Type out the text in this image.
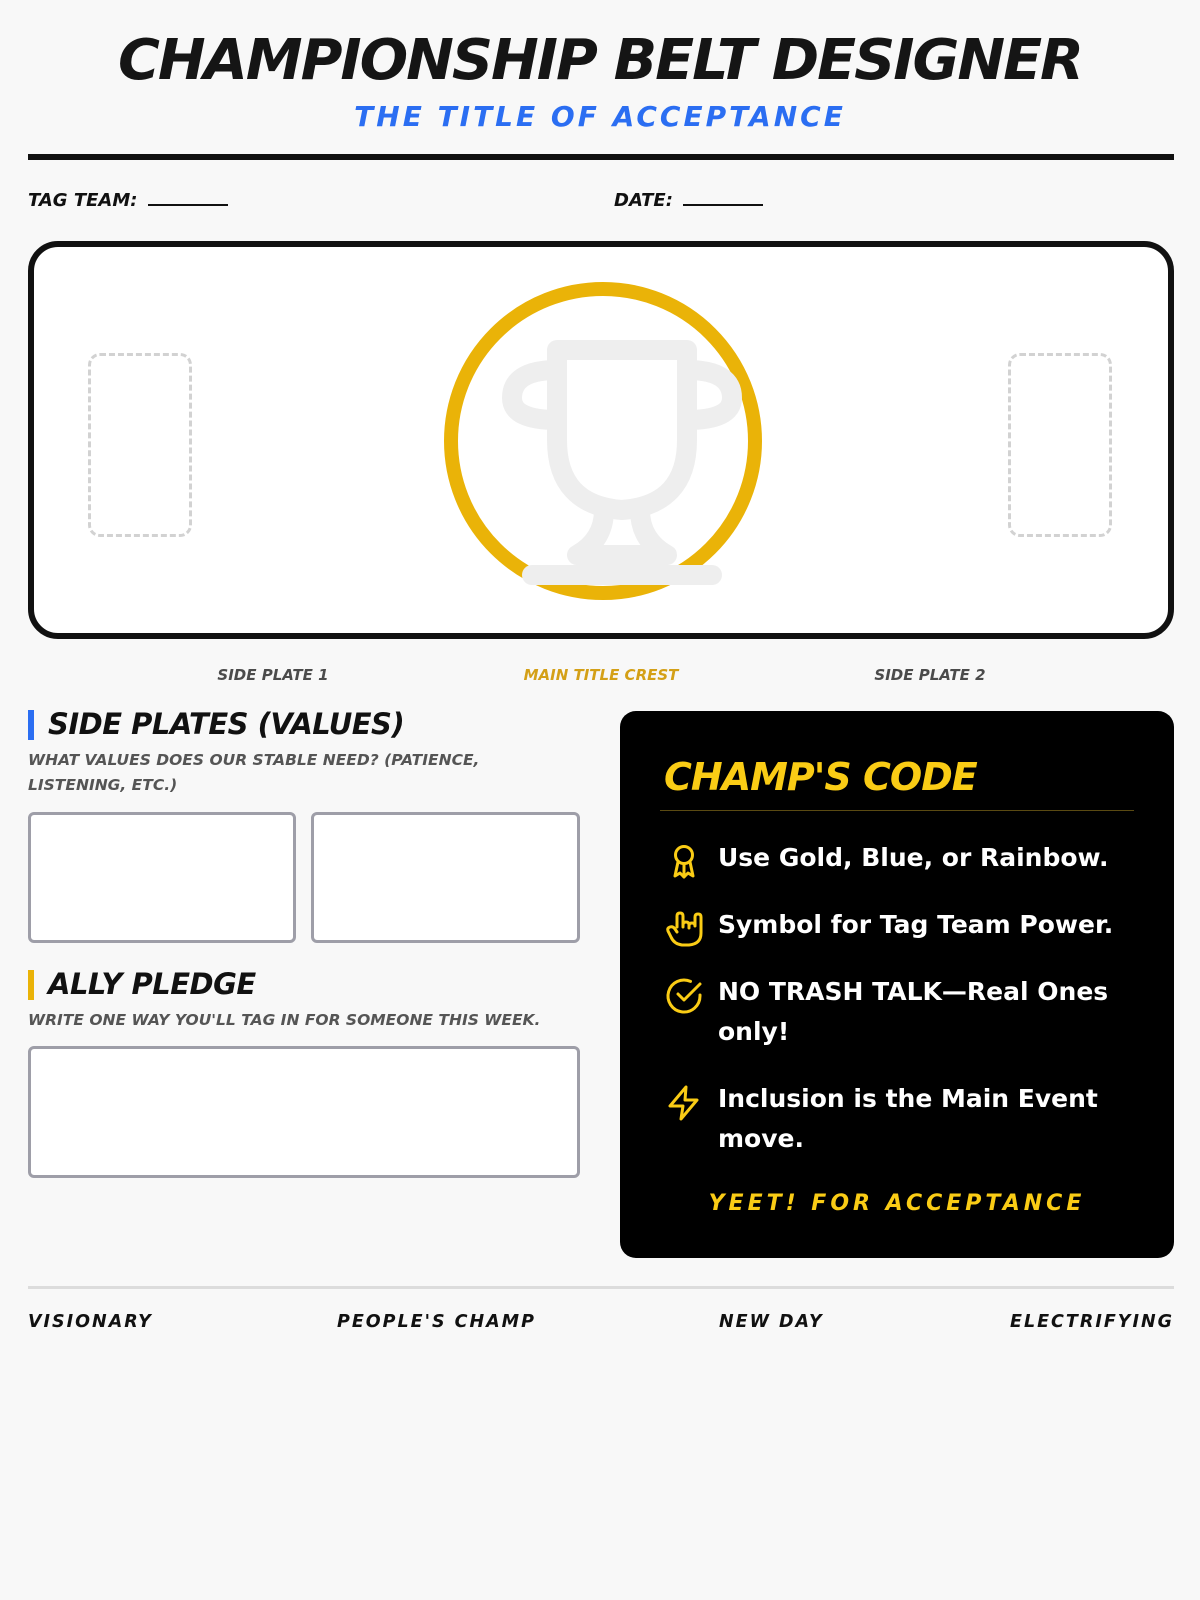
CHAMPIONSHIP BELT DESIGNER
THE TITLE OF ACCEPTANCE
TAG TEAM:	DATE:
SIDE PLATE 1	MAIN TITLE CREST	SIDE PLATE 2
SIDE PLATES (VALUES)
WHAT VALUES DOES OUR STABLE NEED? (PATIENCE, LISTENING, ETC.)
ALLY PLEDGE
WRITE ONE WAY YOU'LL TAG IN FOR SOMEONE THIS WEEK.
CHAMP'S CODE
Use Gold, Blue, or Rainbow.
Symbol for Tag Team Power.
NO TRASH TALK—Real Ones only!
Inclusion is the Main Event move.
YEET! FOR ACCEPTANCE
VISIONARY	PEOPLE'S CHAMP	NEW DAY	ELECTRIFYING
